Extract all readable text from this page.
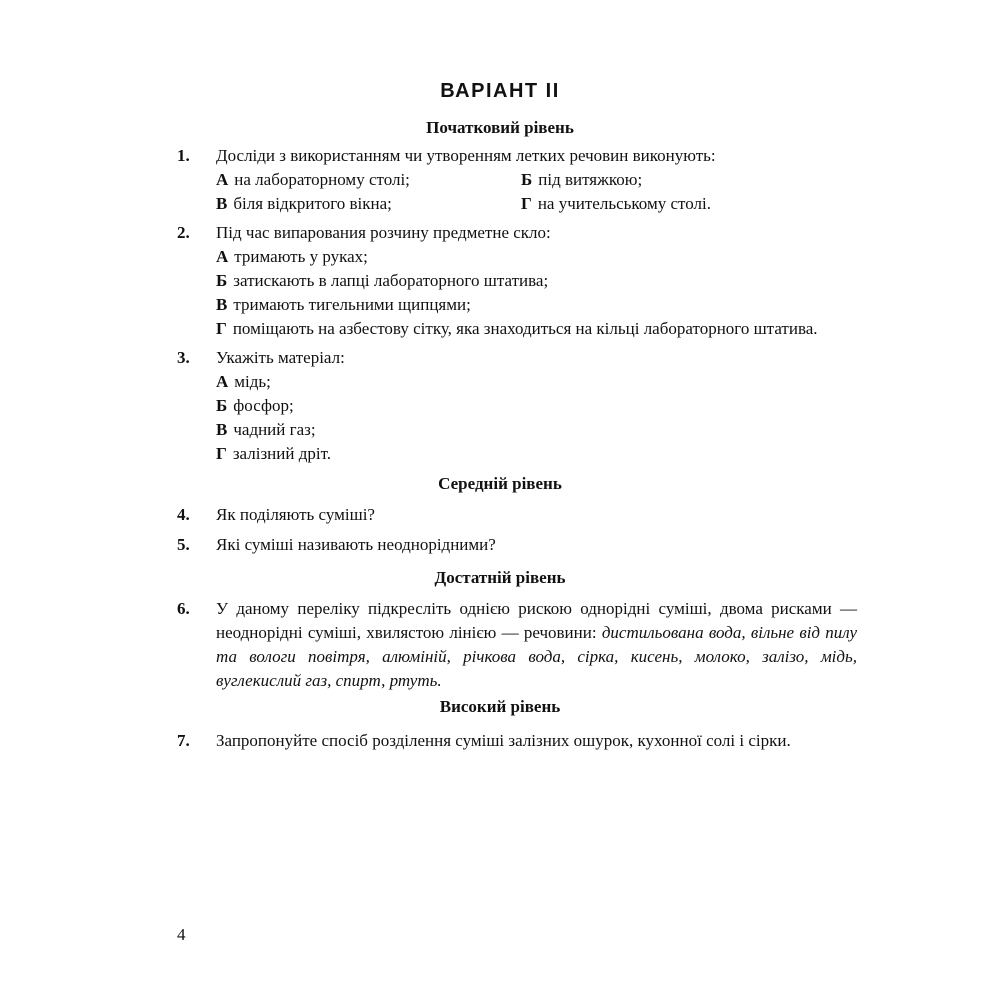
ВАРІАНТ ІІ
Початковий рівень
1. Досліди з використанням чи утворенням летких речовин виконують:
А на лабораторному столі;	Б під витяжкою;
В біля відкритого вікна;	Г на учительському столі.
2. Під час випарования розчину предметне скло:
А тримають у руках;
Б затискають в лапці лабораторного штатива;
В тримають тигельними щипцями;
Г поміщають на азбестову сітку, яка знаходиться на кільці лабораторного штатива.
3. Укажіть матеріал:
А мідь;
Б фосфор;
В чадний газ;
Г залізний дріт.
Середній рівень
4. Як поділяють суміші?
5. Які суміші називають неоднорідними?
Достатній рівень
6. У даному переліку підкресліть однією рискою однорідні суміші, двома рисками — неоднорідні суміші, хвилястою лінією — речовини: дистильована вода, вільне від пилу та вологи повітря, алюміній, річкова вода, сірка, кисень, молоко, залізо, мідь, вуглекислий газ, спирт, ртуть.
Високий рівень
7. Запропонуйте спосіб розділення суміші залізних ошурок, кухонної солі і сірки.
4
